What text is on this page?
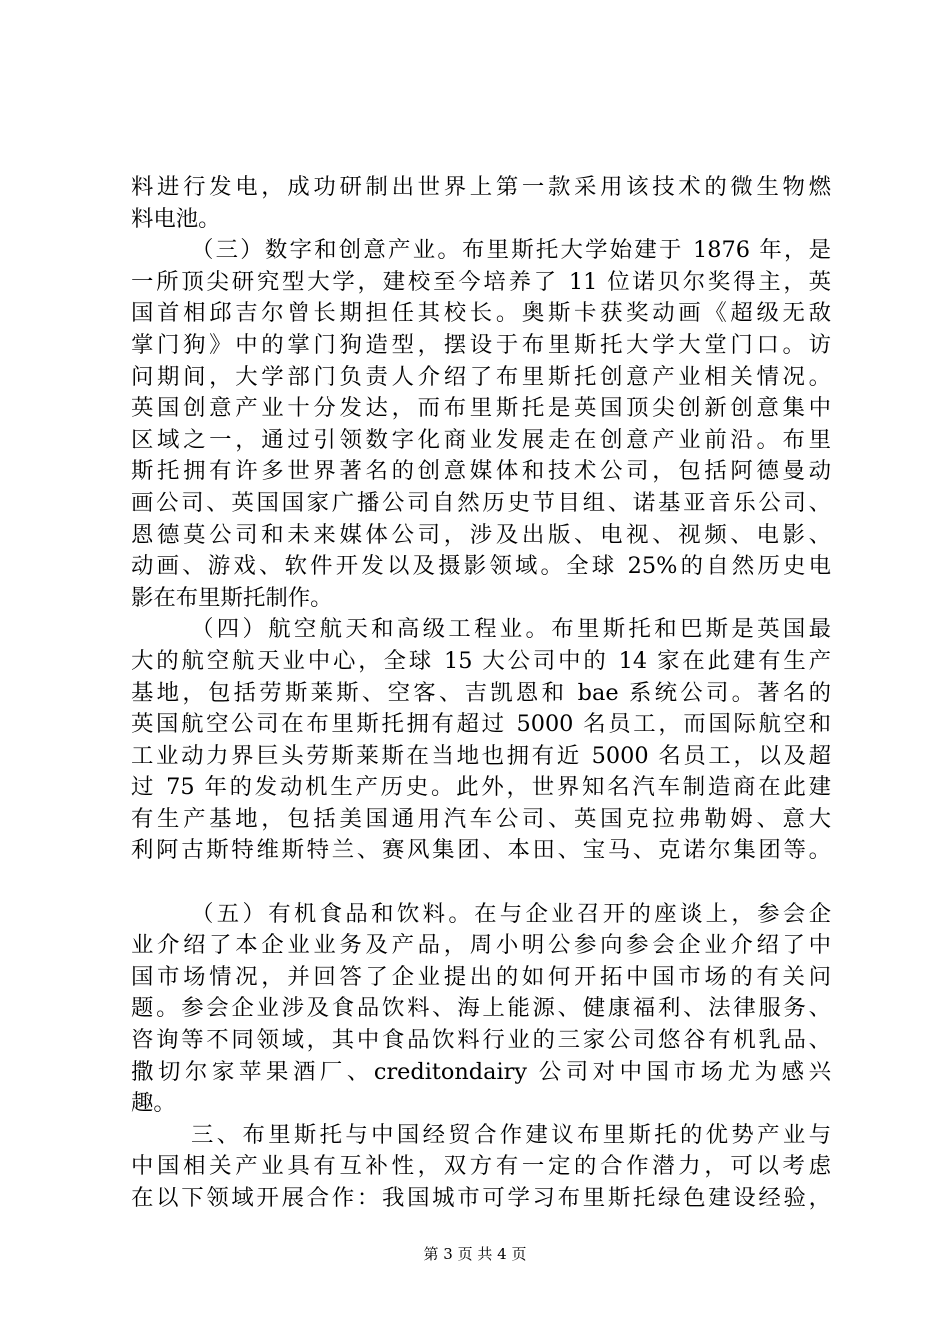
料进行发电，成功研制出世界上第一款采用该技术的微生物燃
料电池。
（三）数字和创意产业。布里斯托大学始建于 1876 年，是
一所顶尖研究型大学，建校至今培养了 11 位诺贝尔奖得主，英
国首相邱吉尔曾长期担任其校长。奥斯卡获奖动画《超级无敌
掌门狗》中的掌门狗造型，摆设于布里斯托大学大堂门口。访
问期间，大学部门负责人介绍了布里斯托创意产业相关情况。
英国创意产业十分发达，而布里斯托是英国顶尖创新创意集中
区域之一，通过引领数字化商业发展走在创意产业前沿。布里
斯托拥有许多世界著名的创意媒体和技术公司，包括阿德曼动
画公司、英国国家广播公司自然历史节目组、诺基亚音乐公司、
恩德莫公司和未来媒体公司，涉及出版、电视、视频、电影、
动画、游戏、软件开发以及摄影领域。全球 25%的自然历史电
影在布里斯托制作。
（四）航空航天和高级工程业。布里斯托和巴斯是英国最
大的航空航天业中心，全球 15 大公司中的 14 家在此建有生产
基地，包括劳斯莱斯、空客、吉凯恩和 bae 系统公司。著名的
英国航空公司在布里斯托拥有超过 5000 名员工，而国际航空和
工业动力界巨头劳斯莱斯在当地也拥有近 5000 名员工，以及超
过 75 年的发动机生产历史。此外，世界知名汽车制造商在此建
有生产基地，包括美国通用汽车公司、英国克拉弗勒姆、意大
利阿古斯特维斯特兰、赛风集团、本田、宝马、克诺尔集团等。
（五）有机食品和饮料。在与企业召开的座谈上，参会企
业介绍了本企业业务及产品，周小明公参向参会企业介绍了中
国市场情况，并回答了企业提出的如何开拓中国市场的有关问
题。参会企业涉及食品饮料、海上能源、健康福利、法律服务、
咨询等不同领域，其中食品饮料行业的三家公司悠谷有机乳品、
撒切尔家苹果酒厂、creditondairy 公司对中国市场尤为感兴
趣。
三、布里斯托与中国经贸合作建议布里斯托的优势产业与
中国相关产业具有互补性，双方有一定的合作潜力，可以考虑
在以下领域开展合作：我国城市可学习布里斯托绿色建设经验，
第 3 页 共 4 页
